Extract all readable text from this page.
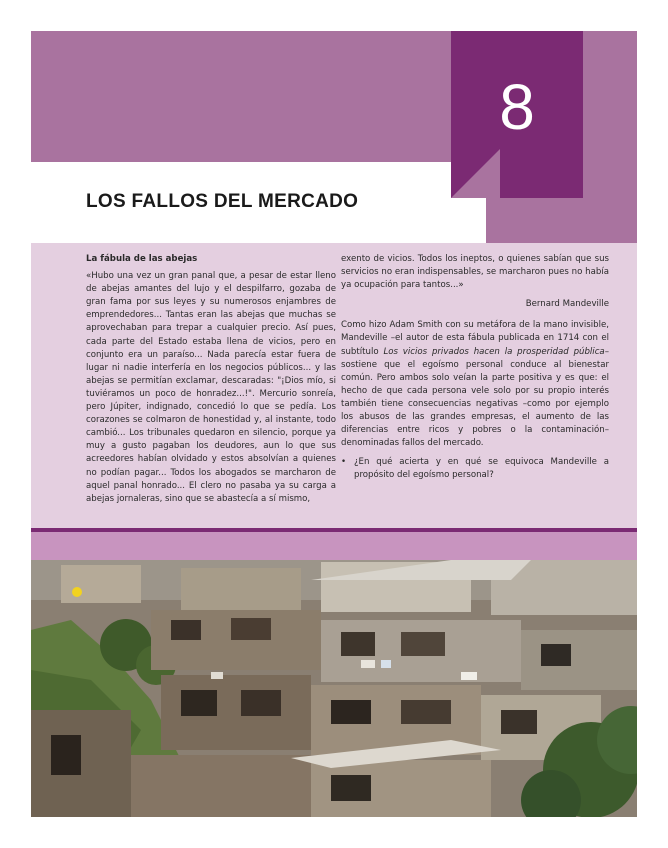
8
LOS FALLOS DEL MERCADO

La fábula de las abejas

«Hubo una vez un gran panal que, a pesar de estar lleno de abejas amantes del lujo y el despilfarro, gozaba de gran fama por sus leyes y su numerosos enjambres de emprendedores... Tantas eran las abejas que muchas se aprovechaban para trepar a cualquier precio. Así pues, cada parte del Estado estaba llena de vicios, pero en conjunto era un paraíso... Nada parecía estar fuera de lugar ni nadie interfería en los negocios públicos... y las abejas se permitían exclamar, descaradas: "¡Dios mío, si tuviéramos un poco de honradez...!". Mercurio sonreía, pero Júpiter, indignado, concedió lo que se pedía. Los corazones se colmaron de honestidad y, al instante, todo cambió... Los tribunales quedaron en silencio, porque ya muy a gusto pagaban los deudores, aun lo que sus acreedores habían olvidado y estos absolvían a quienes no podían pagar... Todos los abogados se marcharon de aquel panal honrado... El clero no pasaba ya su carga a abejas jornaleras, sino que se abastecía a sí mismo,

exento de vicios. Todos los ineptos, o quienes sabían que sus servicios no eran indispensables, se marcharon pues no había ya ocupación para tantos...»

Bernard Mandeville

Como hizo Adam Smith con su metáfora de la mano invisible, Mandeville –el autor de esta fábula publicada en 1714 con el subtítulo Los vicios privados hacen la prosperidad pública– sostiene que el egoísmo personal conduce al bienestar común. Pero ambos solo veían la parte positiva y es que: el hecho de que cada persona vele solo por su propio interés también tiene consecuencias negativas –como por ejemplo los abusos de las grandes empresas, el aumento de las diferencias entre ricos y pobres o la contaminación– denominadas fallos del mercado.

• ¿En qué acierta y en qué se equivoca Mandeville a propósito del egoísmo personal?
